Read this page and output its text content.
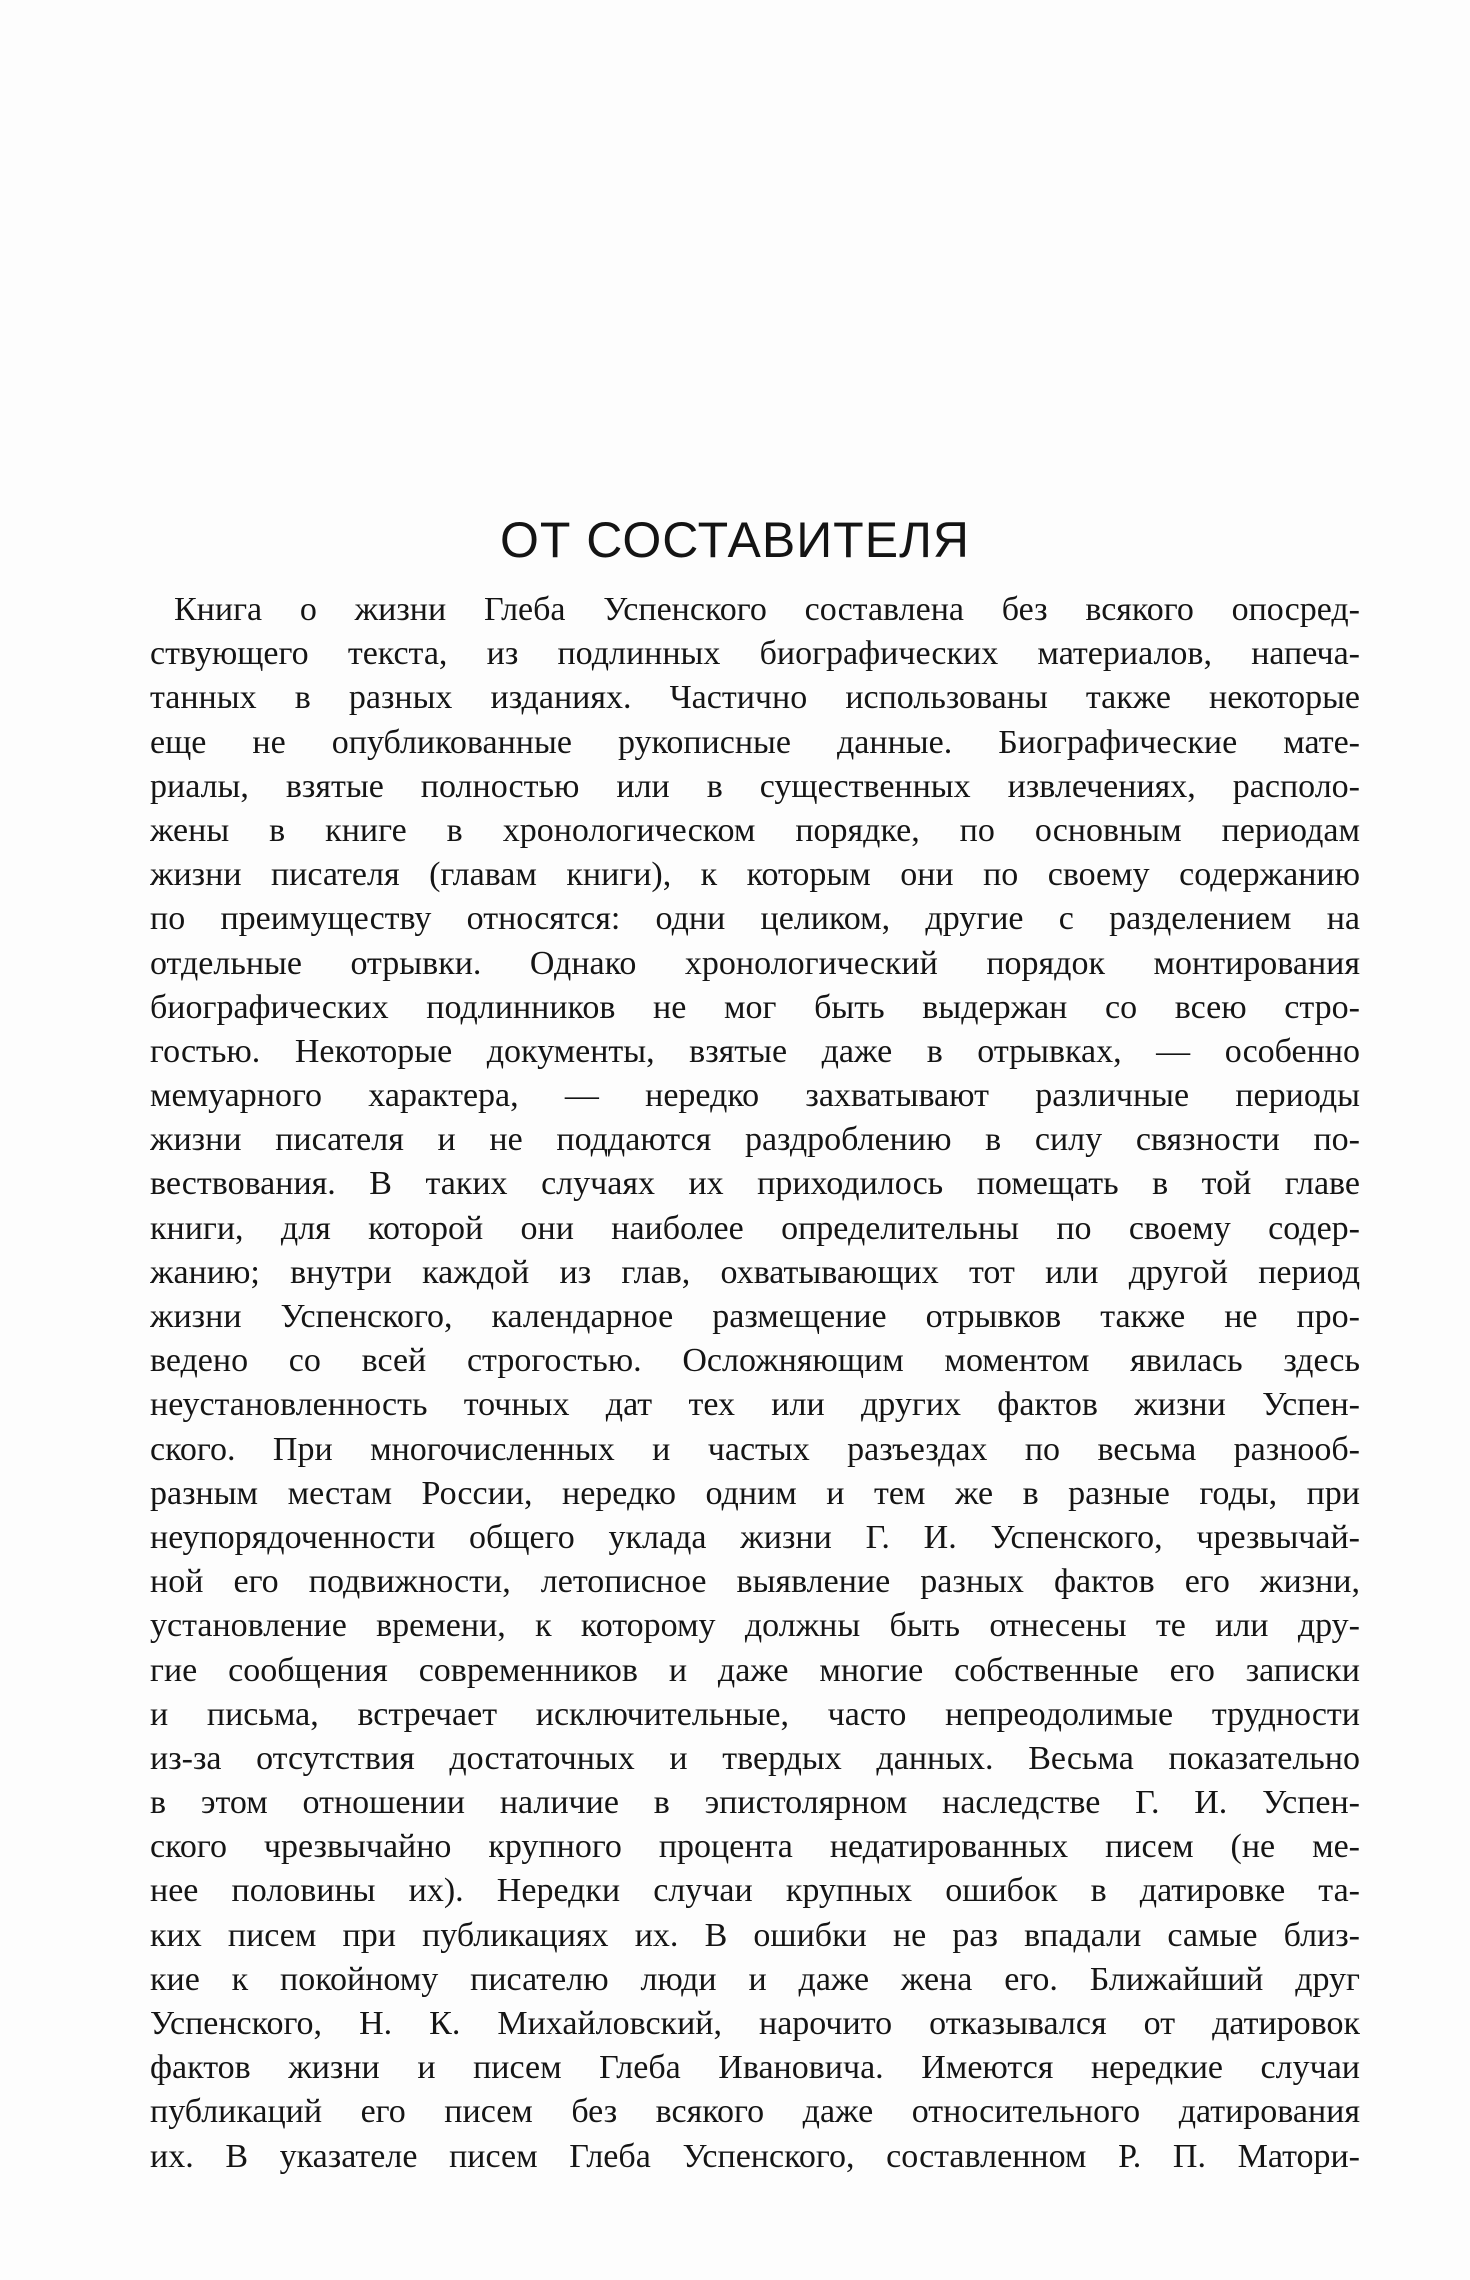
ОТ СОСТАВИТЕЛЯ
Книга о жизни Глеба Успенского составлена без всякого опосред-
ствующего текста, из подлинных биографических материалов, напеча-
танных в разных изданиях. Частично использованы также некоторые
еще не опубликованные рукописные данные. Биографические мате-
риалы, взятые полностью или в существенных извлечениях, располо-
жены в книге в хронологическом порядке, по основным периодам
жизни писателя (главам книги), к которым они по своему содержанию
по преимуществу относятся: одни целиком, другие с разделением на
отдельные отрывки. Однако хронологический порядок монтирования
биографических подлинников не мог быть выдержан со всею стро-
гостью. Некоторые документы, взятые даже в отрывках, — особенно
мемуарного характера, — нередко захватывают различные периоды
жизни писателя и не поддаются раздроблению в силу связности по-
вествования. В таких случаях их приходилось помещать в той главе
книги, для которой они наиболее определительны по своему содер-
жанию; внутри каждой из глав, охватывающих тот или другой период
жизни Успенского, календарное размещение отрывков также не про-
ведено со всей строгостью. Осложняющим моментом явилась здесь
неустановленность точных дат тех или других фактов жизни Успен-
ского. При многочисленных и частых разъездах по весьма разнооб-
разным местам России, нередко одним и тем же в разные годы, при
неупорядоченности общего уклада жизни Г. И. Успенского, чрезвычай-
ной его подвижности, летописное выявление разных фактов его жизни,
установление времени, к которому должны быть отнесены те или дру-
гие сообщения современников и даже многие собственные его записки
и письма, встречает исключительные, часто непреодолимые трудности
из-за отсутствия достаточных и твердых данных. Весьма показательно
в этом отношении наличие в эпистолярном наследстве Г. И. Успен-
ского чрезвычайно крупного процента недатированных писем (не ме-
нее половины их). Нередки случаи крупных ошибок в датировке та-
ких писем при публикациях их. В ошибки не раз впадали самые близ-
кие к покойному писателю люди и даже жена его. Ближайший друг
Успенского, Н. К. Михайловский, нарочито отказывался от датировок
фактов жизни и писем Глеба Ивановича. Имеются нередкие случаи
публикаций его писем без всякого даже относительного датирования
их. В указателе писем Глеба Успенского, составленном Р. П. Матори-
